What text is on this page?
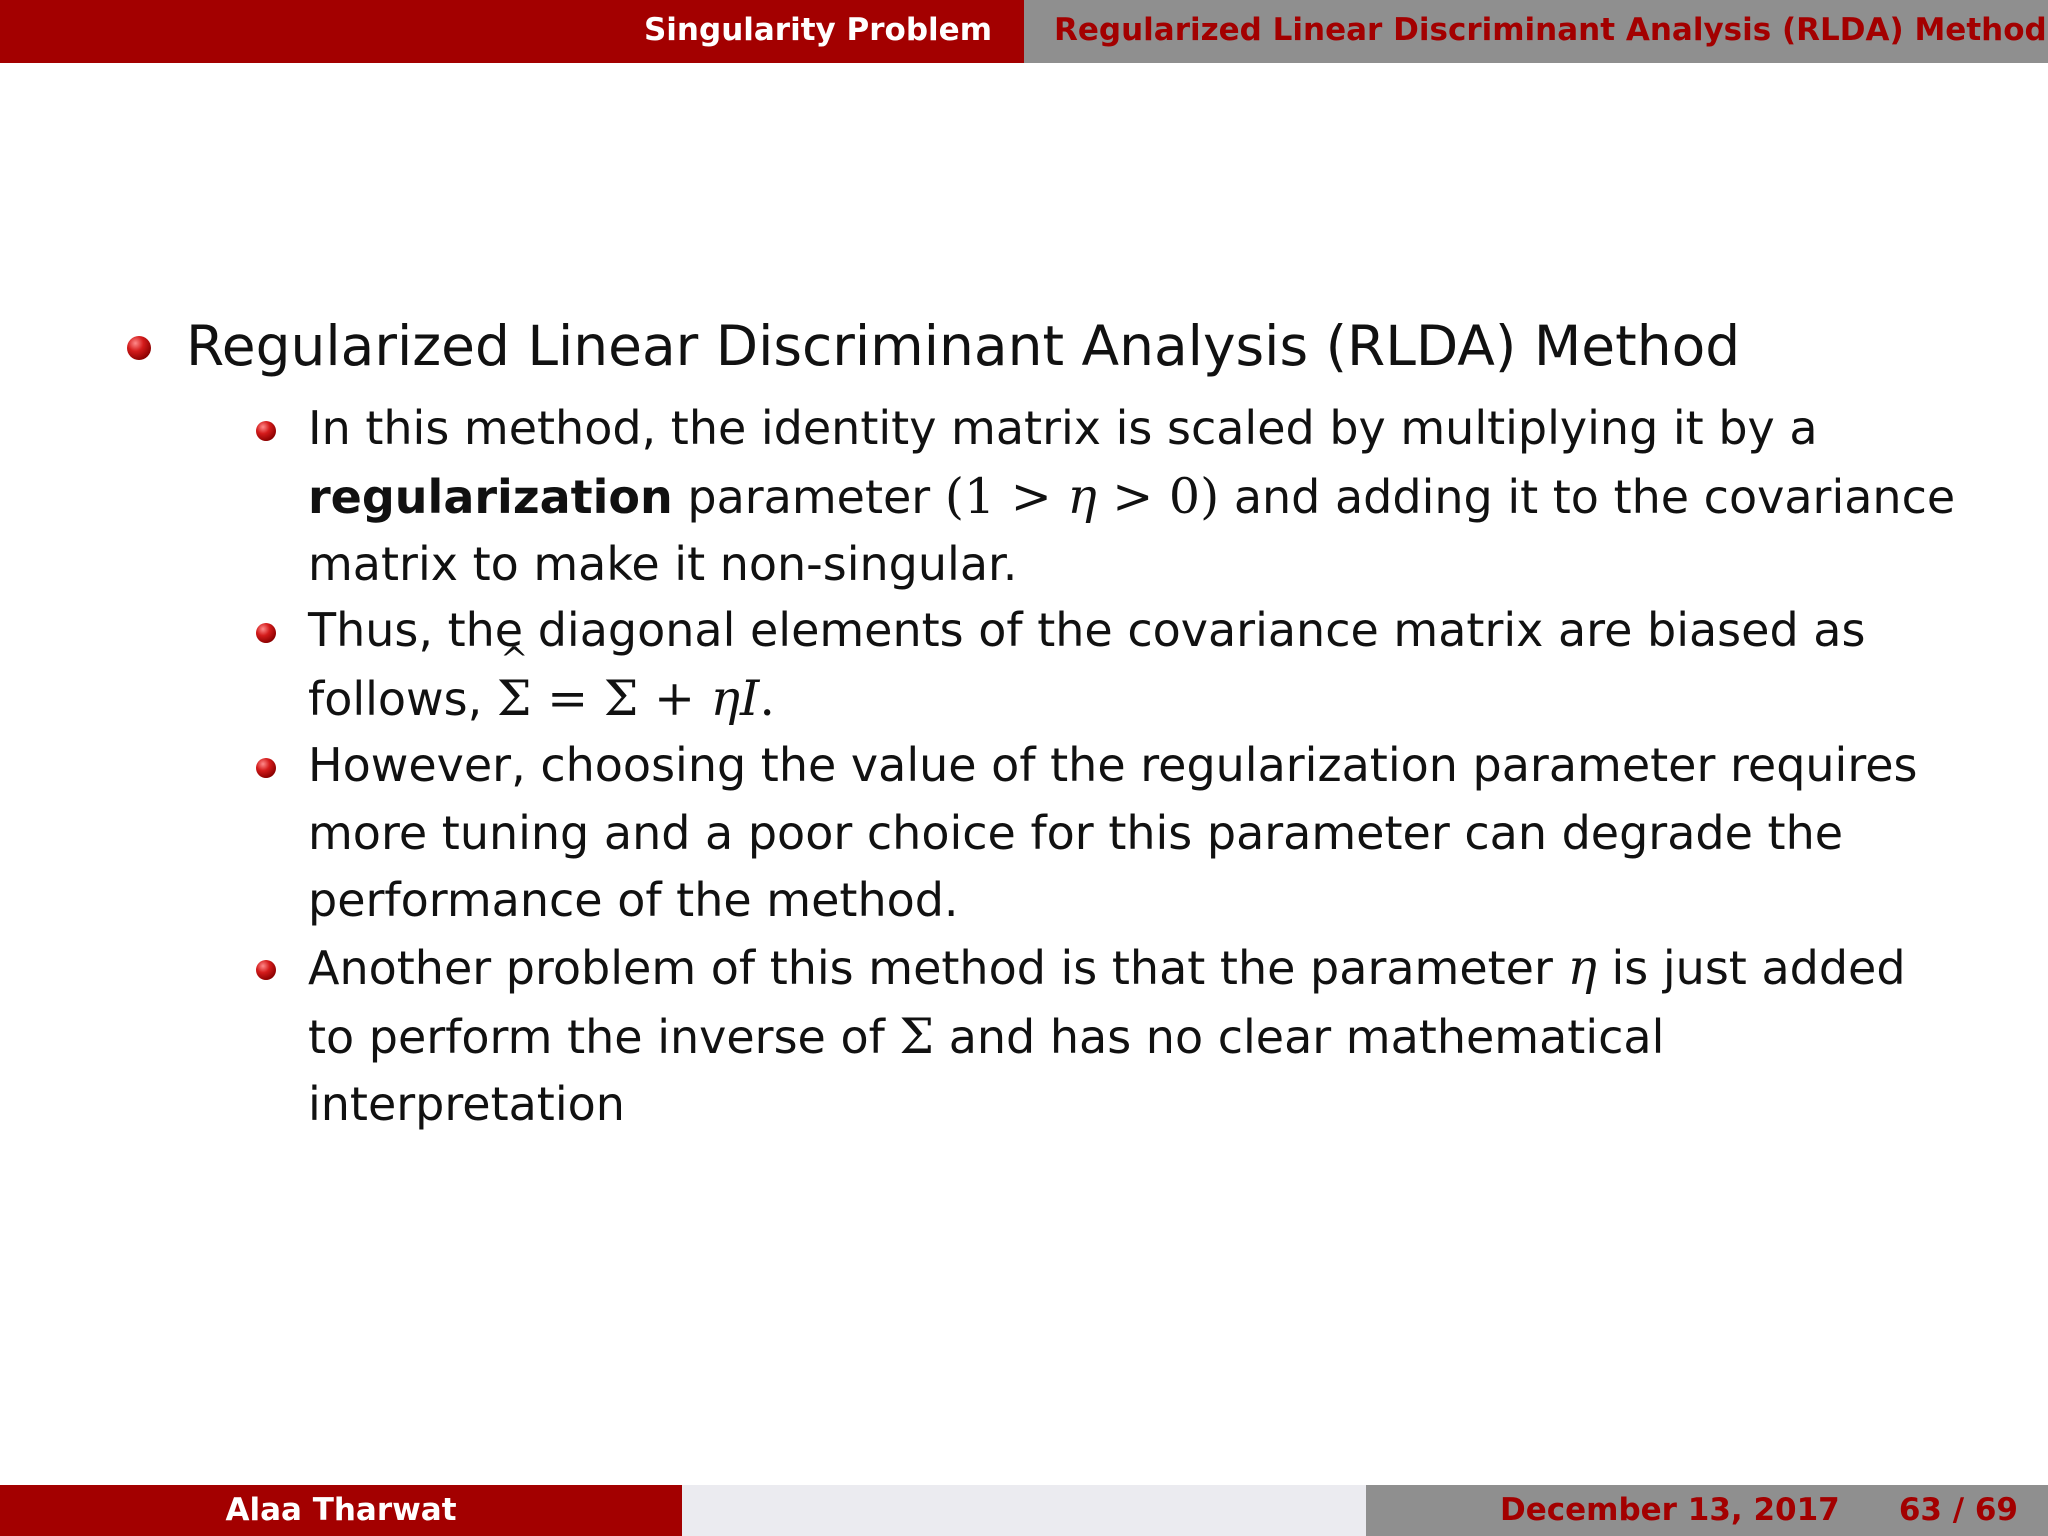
Singularity Problem Regularized Linear Discriminant Analysis (RLDA) Method
Regularized Linear Discriminant Analysis (RLDA) Method
In this method, the identity matrix is scaled by multiplying it by a
regularization parameter (1 > η > 0) and adding it to the covariance
matrix to make it non-singular.
Thus, the diagonal elements of the covariance matrix are biased as
follows, ^ Σ = Σ + ηI.
However, choosing the value of the regularization parameter requires
more tuning and a poor choice for this parameter can degrade the
performance of the method.
Another problem of this method is that the parameter η is just added
to perform the inverse of Σ and has no clear mathematical
interpretation
Alaa Tharwat	December 13, 2017 63 / 69
